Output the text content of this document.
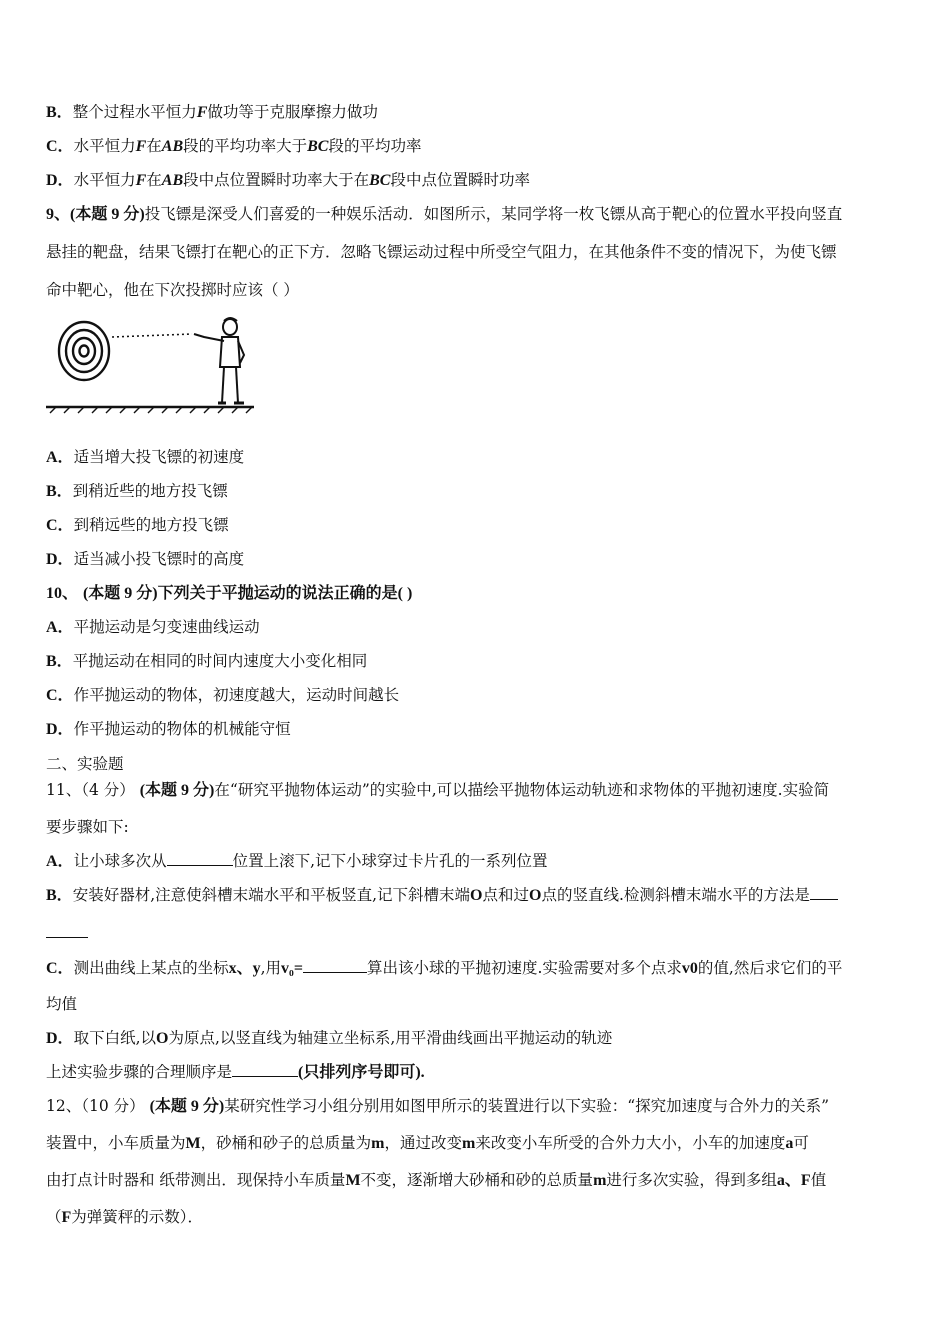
B．整个过程水平恒力F做功等于克服摩擦力做功
C．水平恒力F在AB段的平均功率大于BC段的平均功率
D．水平恒力F在AB段中点位置瞬时功率大于在BC段中点位置瞬时功率
9、(本题 9 分)投飞镖是深受人们喜爱的一种娱乐活动．如图所示，某同学将一枚飞镖从高于靶心的位置水平投向竖直
悬挂的靶盘，结果飞镖打在靶心的正下方．忽略飞镖运动过程中所受空气阻力，在其他条件不变的情况下，为使飞镖
命中靶心，他在下次投掷时应该（ ）
A．适当增大投飞镖的初速度
B．到稍近些的地方投飞镖
C．到稍远些的地方投飞镖
D．适当减小投飞镖时的高度
10、 (本题 9 分)下列关于平抛运动的说法正确的是( )
A．平抛运动是匀变速曲线运动
B．平抛运动在相同的时间内速度大小变化相同
C．作平抛运动的物体，初速度越大，运动时间越长
D．作平抛运动的物体的机械能守恒
二、实验题
11、（4 分） (本题 9 分)在“研究平抛物体运动”的实验中,可以描绘平抛物体运动轨迹和求物体的平抛初速度.实验简
要步骤如下:
A．让小球多次从	位置上滚下,记下小球穿过卡片孔的一系列位置
B．安装好器材,注意使斜槽末端水平和平板竖直,记下斜槽末端O点和过O点的竖直线.检测斜槽末端水平的方法是
C．测出曲线上某点的坐标x、y,用v₀=	算出该小球的平抛初速度.实验需要对多个点求v0的值,然后求它们的平
均值
D．取下白纸,以O为原点,以竖直线为轴建立坐标系,用平滑曲线画出平抛运动的轨迹
上述实验步骤的合理顺序是	(只排列序号即可).
12、（10 分） (本题 9 分)某研究性学习小组分别用如图甲所示的装置进行以下实验：“探究加速度与合外力的关系”
装置中，小车质量为M，砂桶和砂子的总质量为m，通过改变m来改变小车所受的合外力大小，小车的加速度a可
由打点计时器和 纸带测出．现保持小车质量M不变，逐渐增大砂桶和砂的总质量m进行多次实验，得到多组a、F值
（F为弹簧秤的示数）．
